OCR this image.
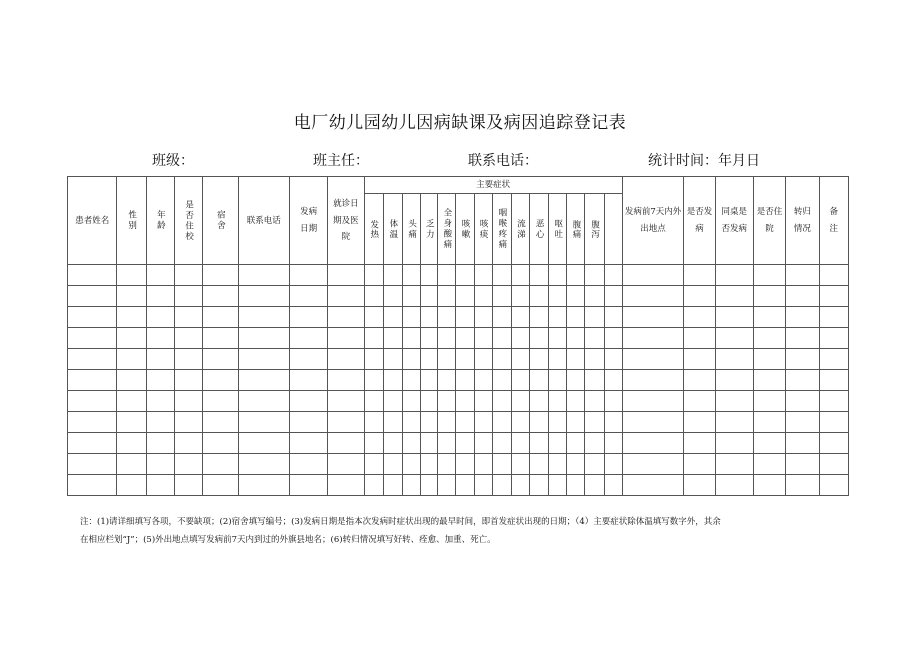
电厂幼儿园幼儿因病缺课及病因追踪登记表
班级：	班主任：	联系电话：	统计时间：年月日
患者姓名	性别	年龄	是否住校	宿舍	联系电话	发病日期	就诊日期及医院	主要症状														发病前7天内外出地点	是否发病	同桌是否发病	是否住院	转归情况	备注
								发热	体温	头痛	乏力	全身酸痛	咳嗽	咳痰	咽喉疼痛	流涕	恶心	呕吐	腹痛	腹泻							

注：(1)请详细填写各项，不要缺项；(2)宿舍填写编号；(3)发病日期是指本次发病时症状出现的最早时间，即首发症状出现的日期；（4）主要症状除体温填写数字外，其余
在相应栏划“J”；(5)外出地点填写发病前7天内到过的外旗县地名；(6)转归情况填写好转、痊愈、加重、死亡。
